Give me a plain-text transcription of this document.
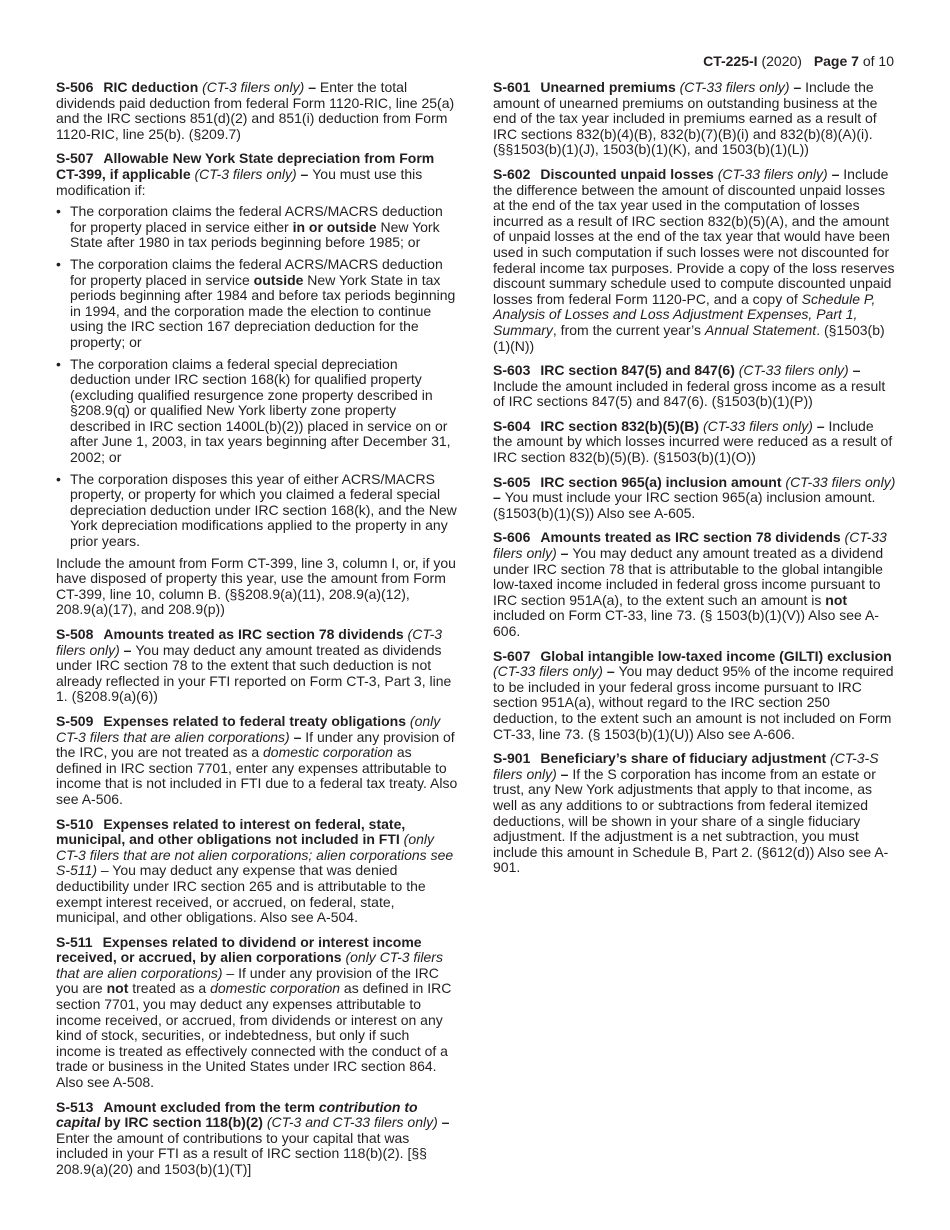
CT-225-I (2020) Page 7 of 10

S-506 RIC deduction (CT-3 filers only) – Enter the total dividends paid deduction from federal Form 1120-RIC, line 25(a) and the IRC sections 851(d)(2) and 851(i) deduction from Form 1120-RIC, line 25(b). (§209.7)

S-507 Allowable New York State depreciation from Form CT-399, if applicable (CT-3 filers only) – You must use this modification if:

• The corporation claims the federal ACRS/MACRS deduction for property placed in service either in or outside New York State after 1980 in tax periods beginning before 1985; or
• The corporation claims the federal ACRS/MACRS deduction for property placed in service outside New York State in tax periods beginning after 1984 and before tax periods beginning in 1994, and the corporation made the election to continue using the IRC section 167 depreciation deduction for the property; or
• The corporation claims a federal special depreciation deduction under IRC section 168(k) for qualified property (excluding qualified resurgence zone property described in §208.9(q) or qualified New York liberty zone property described in IRC section 1400L(b)(2)) placed in service on or after June 1, 2003, in tax years beginning after December 31, 2002; or
• The corporation disposes this year of either ACRS/MACRS property, or property for which you claimed a federal special depreciation deduction under IRC section 168(k), and the New York depreciation modifications applied to the property in any prior years.

Include the amount from Form CT-399, line 3, column I, or, if you have disposed of property this year, use the amount from Form CT-399, line 10, column B. (§§208.9(a)(11), 208.9(a)(12), 208.9(a)(17), and 208.9(p))

S-508 Amounts treated as IRC section 78 dividends (CT-3 filers only) – You may deduct any amount treated as dividends under IRC section 78 to the extent that such deduction is not already reflected in your FTI reported on Form CT-3, Part 3, line 1. (§208.9(a)(6))

S-509 Expenses related to federal treaty obligations (only CT-3 filers that are alien corporations) – If under any provision of the IRC, you are not treated as a domestic corporation as defined in IRC section 7701, enter any expenses attributable to income that is not included in FTI due to a federal tax treaty. Also see A-506.

S-510 Expenses related to interest on federal, state, municipal, and other obligations not included in FTI (only CT-3 filers that are not alien corporations; alien corporations see S-511) – You may deduct any expense that was denied deductibility under IRC section 265 and is attributable to the exempt interest received, or accrued, on federal, state, municipal, and other obligations. Also see A-504.

S-511 Expenses related to dividend or interest income received, or accrued, by alien corporations (only CT-3 filers that are alien corporations) – If under any provision of the IRC you are not treated as a domestic corporation as defined in IRC section 7701, you may deduct any expenses attributable to income received, or accrued, from dividends or interest on any kind of stock, securities, or indebtedness, but only if such income is treated as effectively connected with the conduct of a trade or business in the United States under IRC section 864. Also see A-508.

S-513 Amount excluded from the term contribution to capital by IRC section 118(b)(2) (CT-3 and CT-33 filers only) – Enter the amount of contributions to your capital that was included in your FTI as a result of IRC section 118(b)(2). [§§ 208.9(a)(20) and 1503(b)(1)(T)]

S-601 Unearned premiums (CT-33 filers only) – Include the amount of unearned premiums on outstanding business at the end of the tax year included in premiums earned as a result of IRC sections 832(b)(4)(B), 832(b)(7)(B)(i) and 832(b)(8)(A)(i). (§§1503(b)(1)(J), 1503(b)(1)(K), and 1503(b)(1)(L))

S-602 Discounted unpaid losses (CT-33 filers only) – Include the difference between the amount of discounted unpaid losses at the end of the tax year used in the computation of losses incurred as a result of IRC section 832(b)(5)(A), and the amount of unpaid losses at the end of the tax year that would have been used in such computation if such losses were not discounted for federal income tax purposes. Provide a copy of the loss reserves discount summary schedule used to compute discounted unpaid losses from federal Form 1120-PC, and a copy of Schedule P, Analysis of Losses and Loss Adjustment Expenses, Part 1, Summary, from the current year’s Annual Statement. (§1503(b)(1)(N))

S-603 IRC section 847(5) and 847(6) (CT-33 filers only) – Include the amount included in federal gross income as a result of IRC sections 847(5) and 847(6). (§1503(b)(1)(P))

S-604 IRC section 832(b)(5)(B) (CT-33 filers only) – Include the amount by which losses incurred were reduced as a result of IRC section 832(b)(5)(B). (§1503(b)(1)(O))

S-605 IRC section 965(a) inclusion amount (CT-33 filers only) – You must include your IRC section 965(a) inclusion amount. (§1503(b)(1)(S)) Also see A-605.

S-606 Amounts treated as IRC section 78 dividends (CT-33 filers only) – You may deduct any amount treated as a dividend under IRC section 78 that is attributable to the global intangible low-taxed income included in federal gross income pursuant to IRC section 951A(a), to the extent such an amount is not included on Form CT-33, line 73. (§ 1503(b)(1)(V)) Also see A-606.

S-607 Global intangible low-taxed income (GILTI) exclusion (CT-33 filers only) – You may deduct 95% of the income required to be included in your federal gross income pursuant to IRC section 951A(a), without regard to the IRC section 250 deduction, to the extent such an amount is not included on Form CT-33, line 73. (§ 1503(b)(1)(U)) Also see A-606.

S-901 Beneficiary’s share of fiduciary adjustment (CT-3-S filers only) – If the S corporation has income from an estate or trust, any New York adjustments that apply to that income, as well as any additions to or subtractions from federal itemized deductions, will be shown in your share of a single fiduciary adjustment. If the adjustment is a net subtraction, you must include this amount in Schedule B, Part 2. (§612(d)) Also see A-901.
